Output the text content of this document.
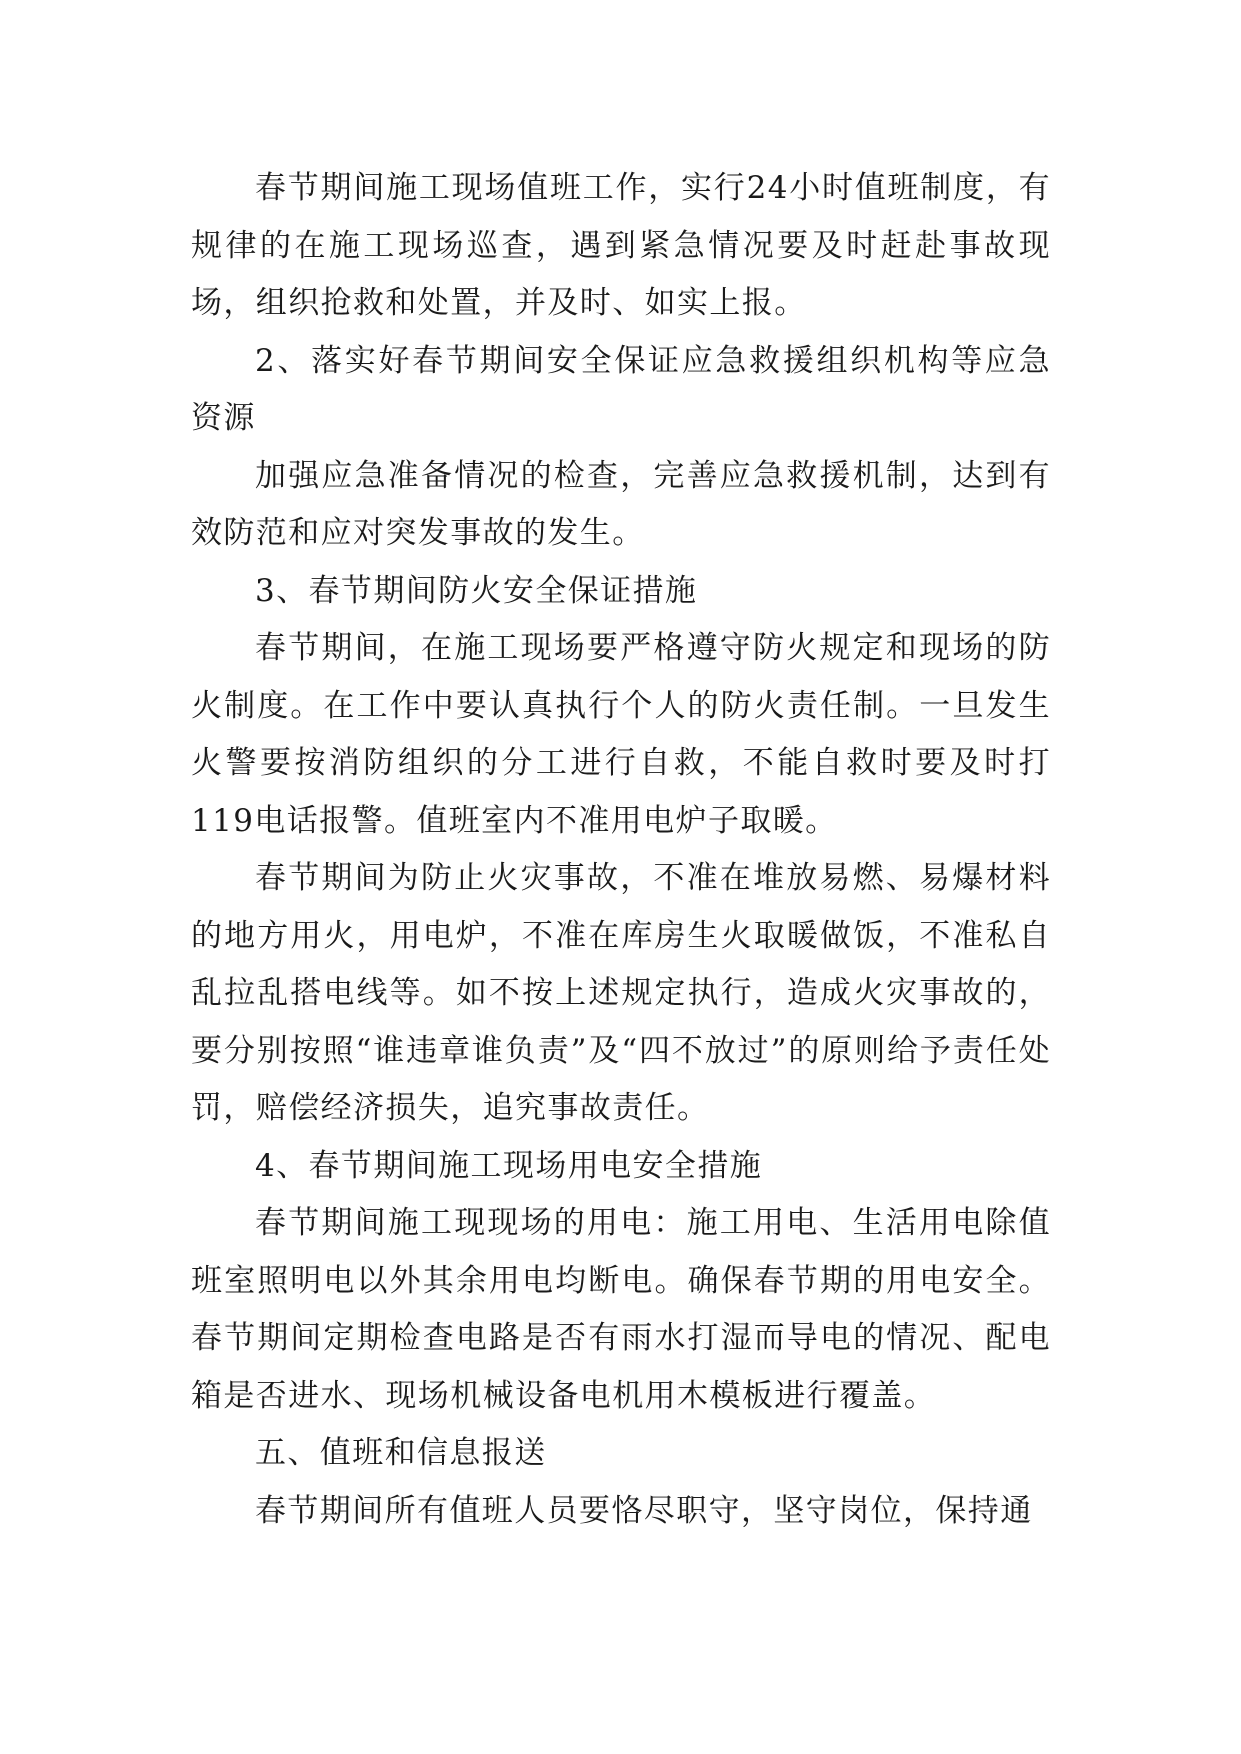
春节期间施工现场值班工作，实行24小时值班制度，有规律的在施工现场巡查，遇到紧急情况要及时赶赴事故现场，组织抢救和处置，并及时、如实上报。

2、落实好春节期间安全保证应急救援组织机构等应急资源

加强应急准备情况的检查，完善应急救援机制，达到有效防范和应对突发事故的发生。

3、春节期间防火安全保证措施

春节期间，在施工现场要严格遵守防火规定和现场的防火制度。在工作中要认真执行个人的防火责任制。一旦发生火警要按消防组织的分工进行自救，不能自救时要及时打119电话报警。值班室内不准用电炉子取暖。

春节期间为防止火灾事故，不准在堆放易燃、易爆材料的地方用火，用电炉，不准在库房生火取暖做饭，不准私自乱拉乱搭电线等。如不按上述规定执行，造成火灾事故的，要分别按照“谁违章谁负责”及“四不放过”的原则给予责任处罚，赔偿经济损失，追究事故责任。

4、春节期间施工现场用电安全措施

春节期间施工现现场的用电：施工用电、生活用电除值班室照明电以外其余用电均断电。确保春节期的用电安全。春节期间定期检查电路是否有雨水打湿而导电的情况、配电箱是否进水、现场机械设备电机用木模板进行覆盖。

五、值班和信息报送

春节期间所有值班人员要恪尽职守，坚守岗位，保持通
